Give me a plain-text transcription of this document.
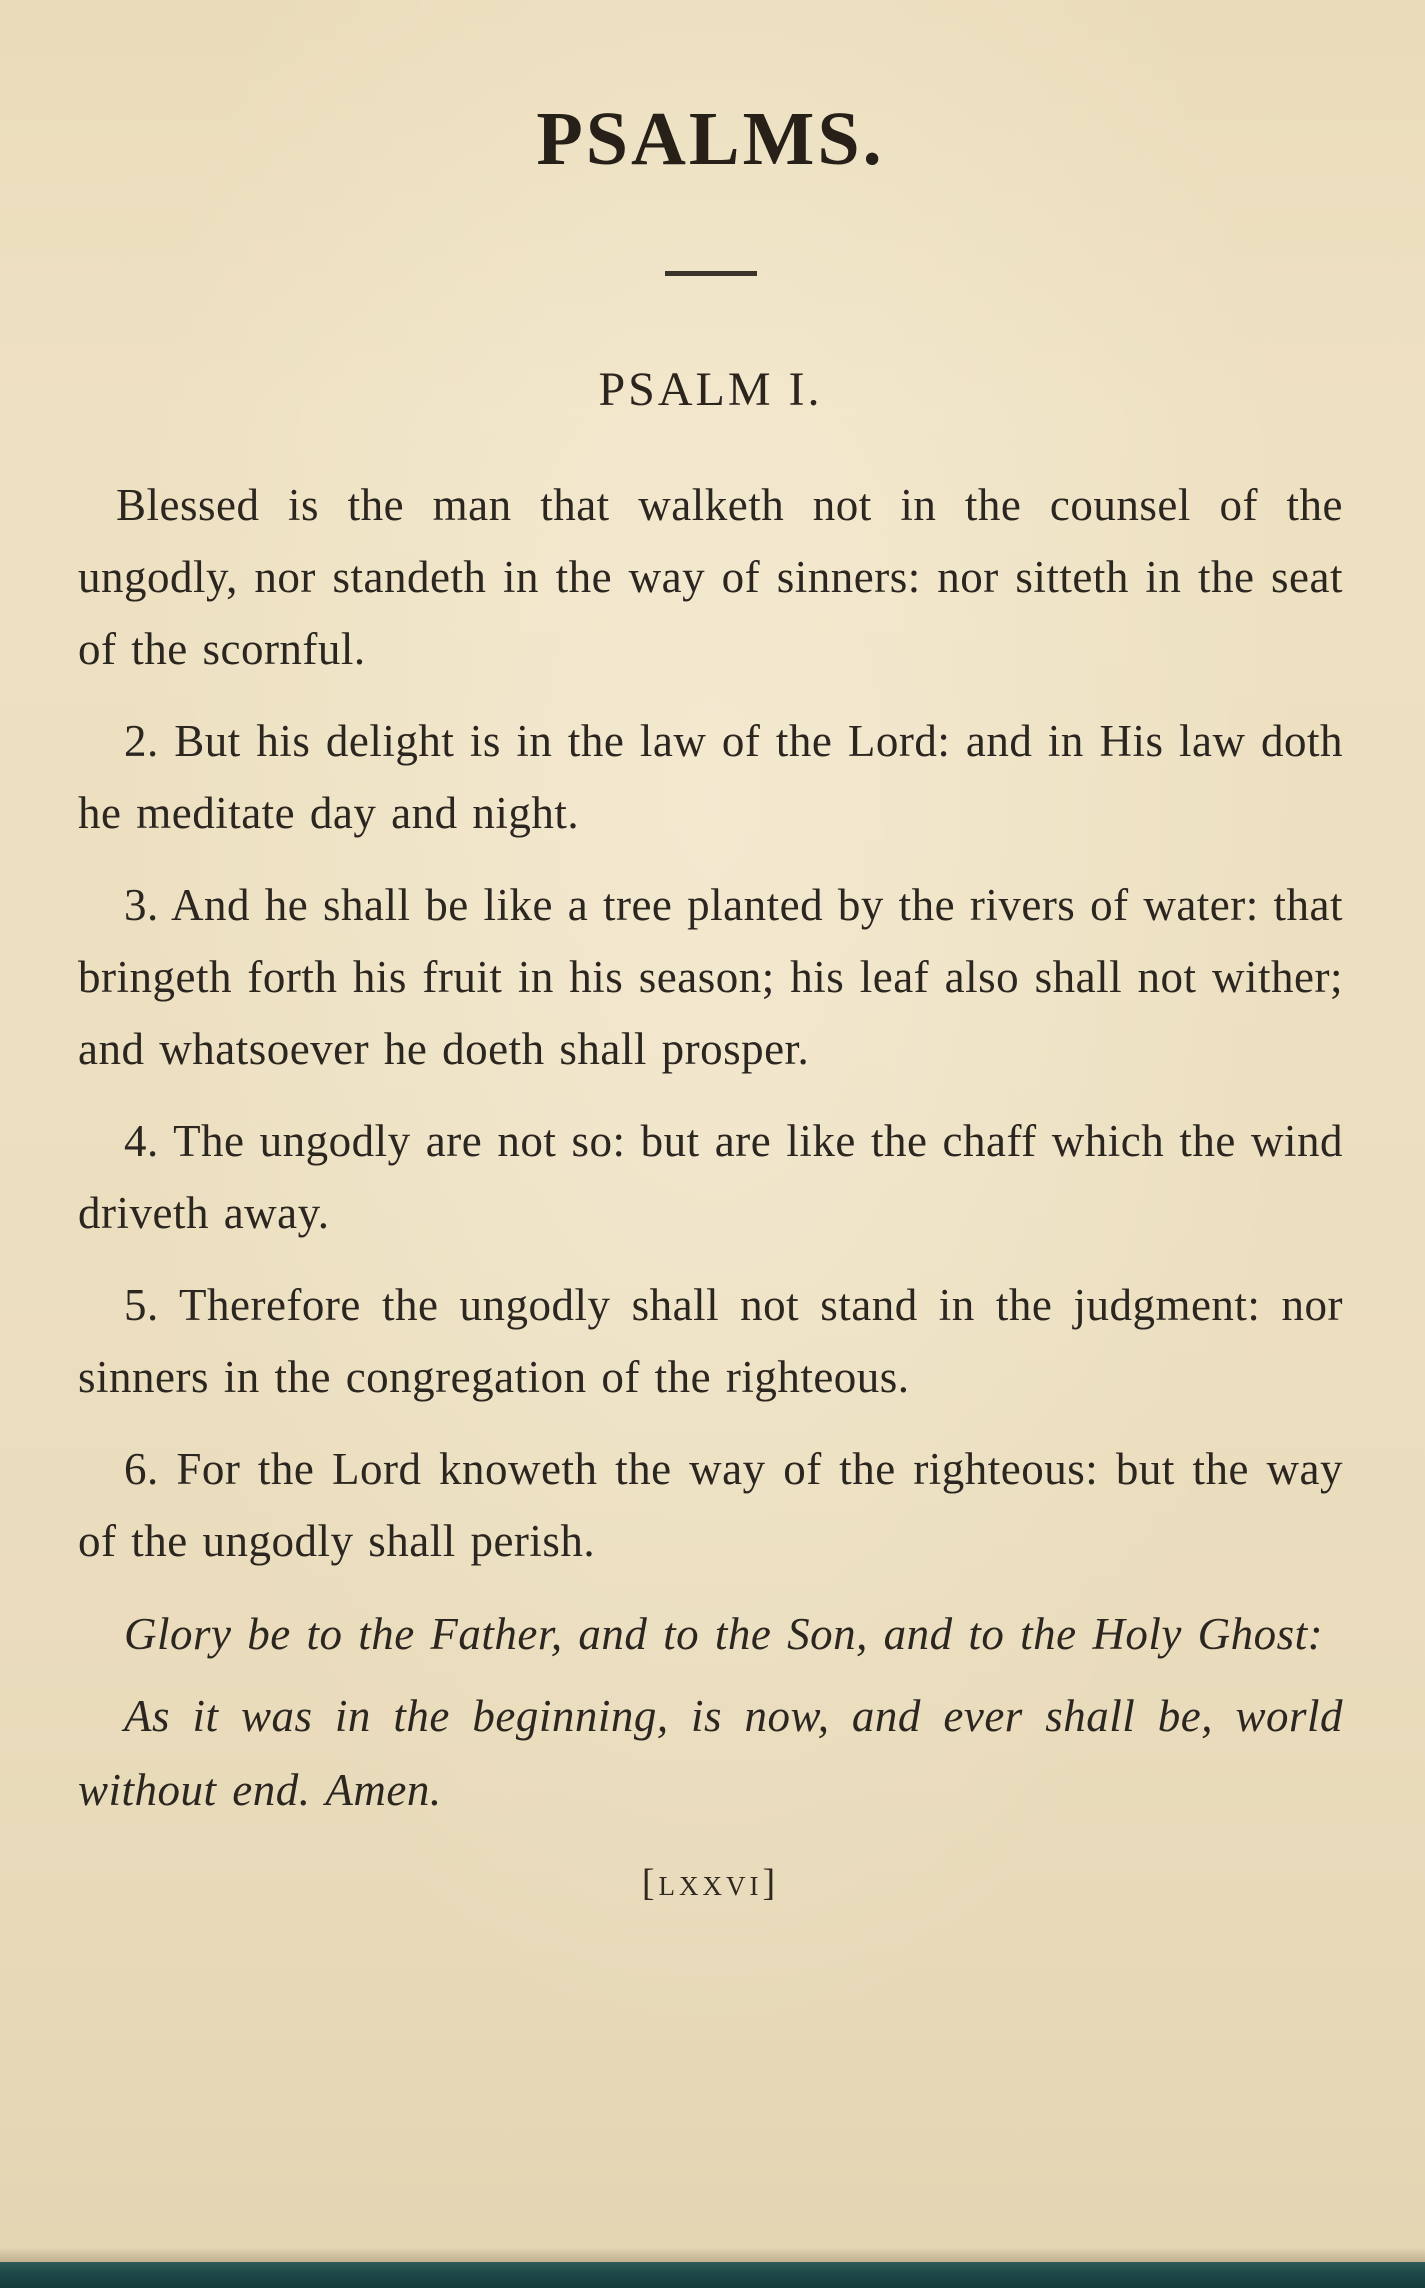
PSALMS.
PSALM I.

Blessed is the man that walketh not in the counsel of the ungodly, nor standeth in the way of sinners: nor sitteth in the seat of the scornful.

2. But his delight is in the law of the Lord: and in His law doth he meditate day and night.

3. And he shall be like a tree planted by the rivers of water: that bringeth forth his fruit in his season; his leaf also shall not wither; and whatsoever he doeth shall prosper.

4. The ungodly are not so: but are like the chaff which the wind driveth away.

5. Therefore the ungodly shall not stand in the judgment: nor sinners in the congregation of the righteous.

6. For the Lord knoweth the way of the righteous: but the way of the ungodly shall perish.

Glory be to the Father, and to the Son, and to the Holy Ghost:

As it was in the beginning, is now, and ever shall be, world without end. Amen.

[lxxvi]
